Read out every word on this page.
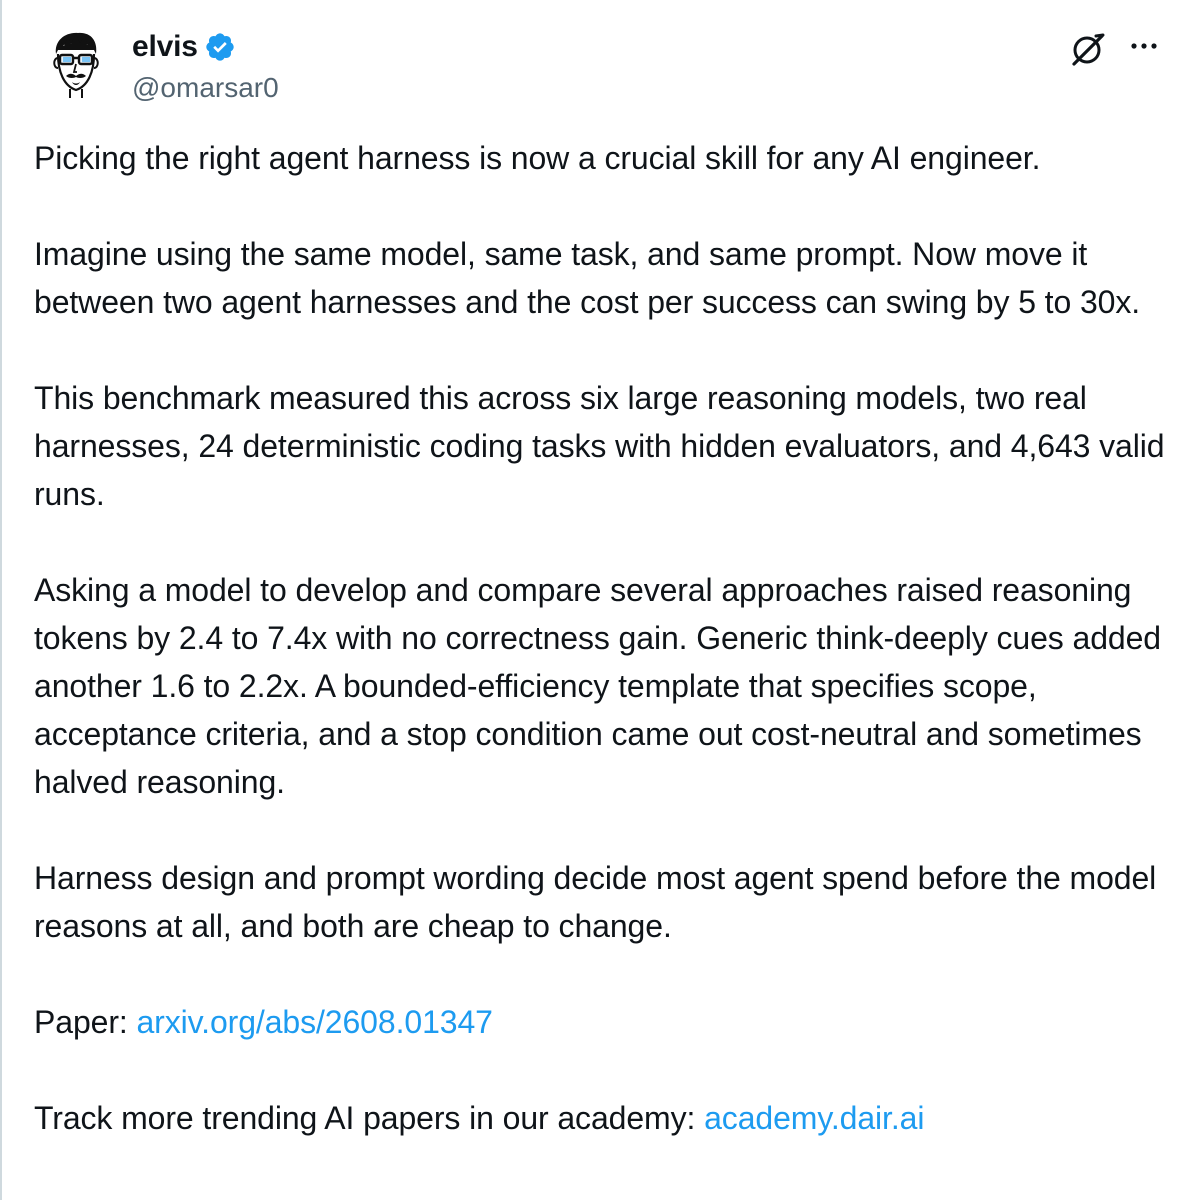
elvis
@omarsar0

Picking the right agent harness is now a crucial skill for any AI engineer.

Imagine using the same model, same task, and same prompt. Now move it between two agent harnesses and the cost per success can swing by 5 to 30x.

This benchmark measured this across six large reasoning models, two real harnesses, 24 deterministic coding tasks with hidden evaluators, and 4,643 valid runs.

Asking a model to develop and compare several approaches raised reasoning tokens by 2.4 to 7.4x with no correctness gain. Generic think-deeply cues added another 1.6 to 2.2x. A bounded-efficiency template that specifies scope, acceptance criteria, and a stop condition came out cost-neutral and sometimes halved reasoning.

Harness design and prompt wording decide most agent spend before the model reasons at all, and both are cheap to change.

Paper: arxiv.org/abs/2608.01347

Track more trending AI papers in our academy: academy.dair.ai
